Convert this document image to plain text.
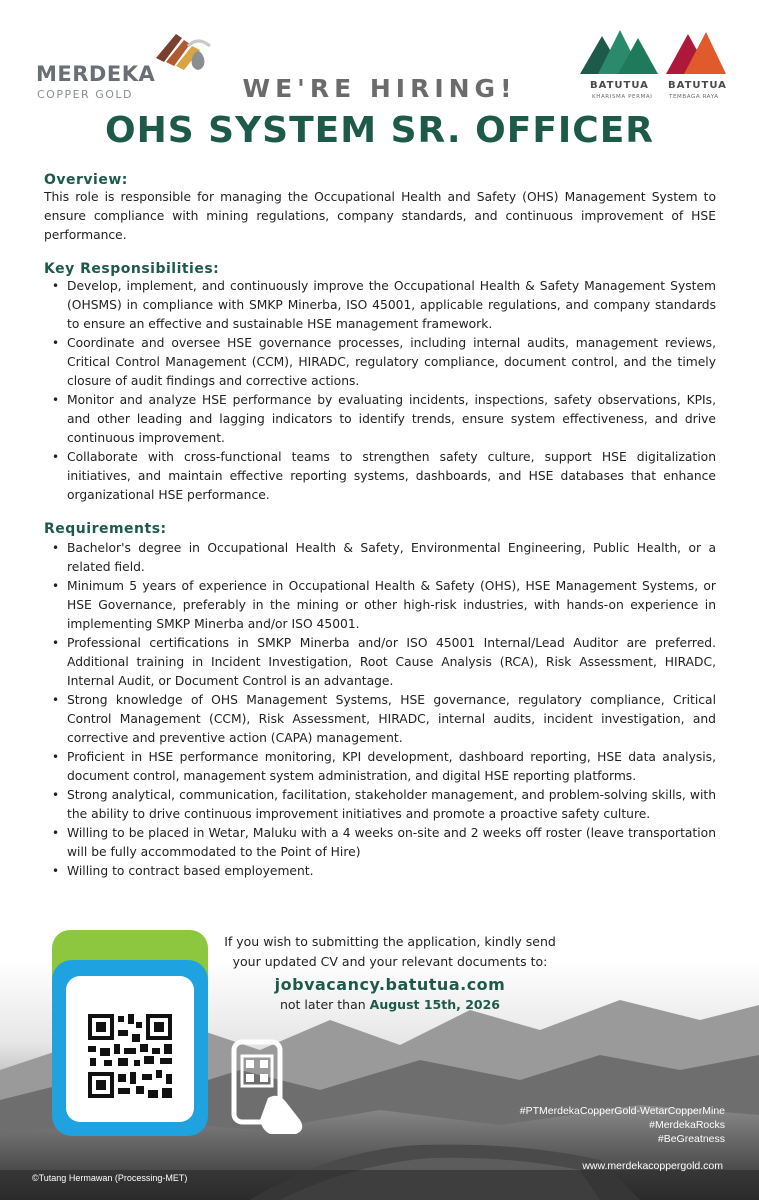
MERDEKA
COPPER GOLD
BATUTUA
KHARISMA PERMAI
BATUTUA
TEMBAGA RAYA
WE'RE HIRING!
OHS SYSTEM SR. OFFICER
Overview:
This role is responsible for managing the Occupational Health and Safety (OHS) Management System to ensure compliance with mining regulations, company standards, and continuous improvement of HSE performance.
Key Responsibilities:
• Develop, implement, and continuously improve the Occupational Health & Safety Management System (OHSMS) in compliance with SMKP Minerba, ISO 45001, applicable regulations, and company standards to ensure an effective and sustainable HSE management framework.
• Coordinate and oversee HSE governance processes, including internal audits, management reviews, Critical Control Management (CCM), HIRADC, regulatory compliance, document control, and the timely closure of audit findings and corrective actions.
• Monitor and analyze HSE performance by evaluating incidents, inspections, safety observations, KPIs, and other leading and lagging indicators to identify trends, ensure system effectiveness, and drive continuous improvement.
• Collaborate with cross-functional teams to strengthen safety culture, support HSE digitalization initiatives, and maintain effective reporting systems, dashboards, and HSE databases that enhance organizational HSE performance.
Requirements:
• Bachelor's degree in Occupational Health & Safety, Environmental Engineering, Public Health, or a related field.
• Minimum 5 years of experience in Occupational Health & Safety (OHS), HSE Management Systems, or HSE Governance, preferably in the mining or other high-risk industries, with hands-on experience in implementing SMKP Minerba and/or ISO 45001.
• Professional certifications in SMKP Minerba and/or ISO 45001 Internal/Lead Auditor are preferred. Additional training in Incident Investigation, Root Cause Analysis (RCA), Risk Assessment, HIRADC, Internal Audit, or Document Control is an advantage.
• Strong knowledge of OHS Management Systems, HSE governance, regulatory compliance, Critical Control Management (CCM), Risk Assessment, HIRADC, internal audits, incident investigation, and corrective and preventive action (CAPA) management.
• Proficient in HSE performance monitoring, KPI development, dashboard reporting, HSE data analysis, document control, management system administration, and digital HSE reporting platforms.
• Strong analytical, communication, facilitation, stakeholder management, and problem-solving skills, with the ability to drive continuous improvement initiatives and promote a proactive safety culture.
• Willing to be placed in Wetar, Maluku with a 4 weeks on-site and 2 weeks off roster (leave transportation will be fully accommodated to the Point of Hire)
• Willing to contract based employement.
If you wish to submitting the application, kindly send
your updated CV and your relevant documents to:
jobvacancy.batutua.com
not later than August 15th, 2026
#PTMerdekaCopperGold-WetarCopperMine
#MerdekaRocks
#BeGreatness
www.merdekacoppergold.com
©Tutang Hermawan (Processing-MET)
